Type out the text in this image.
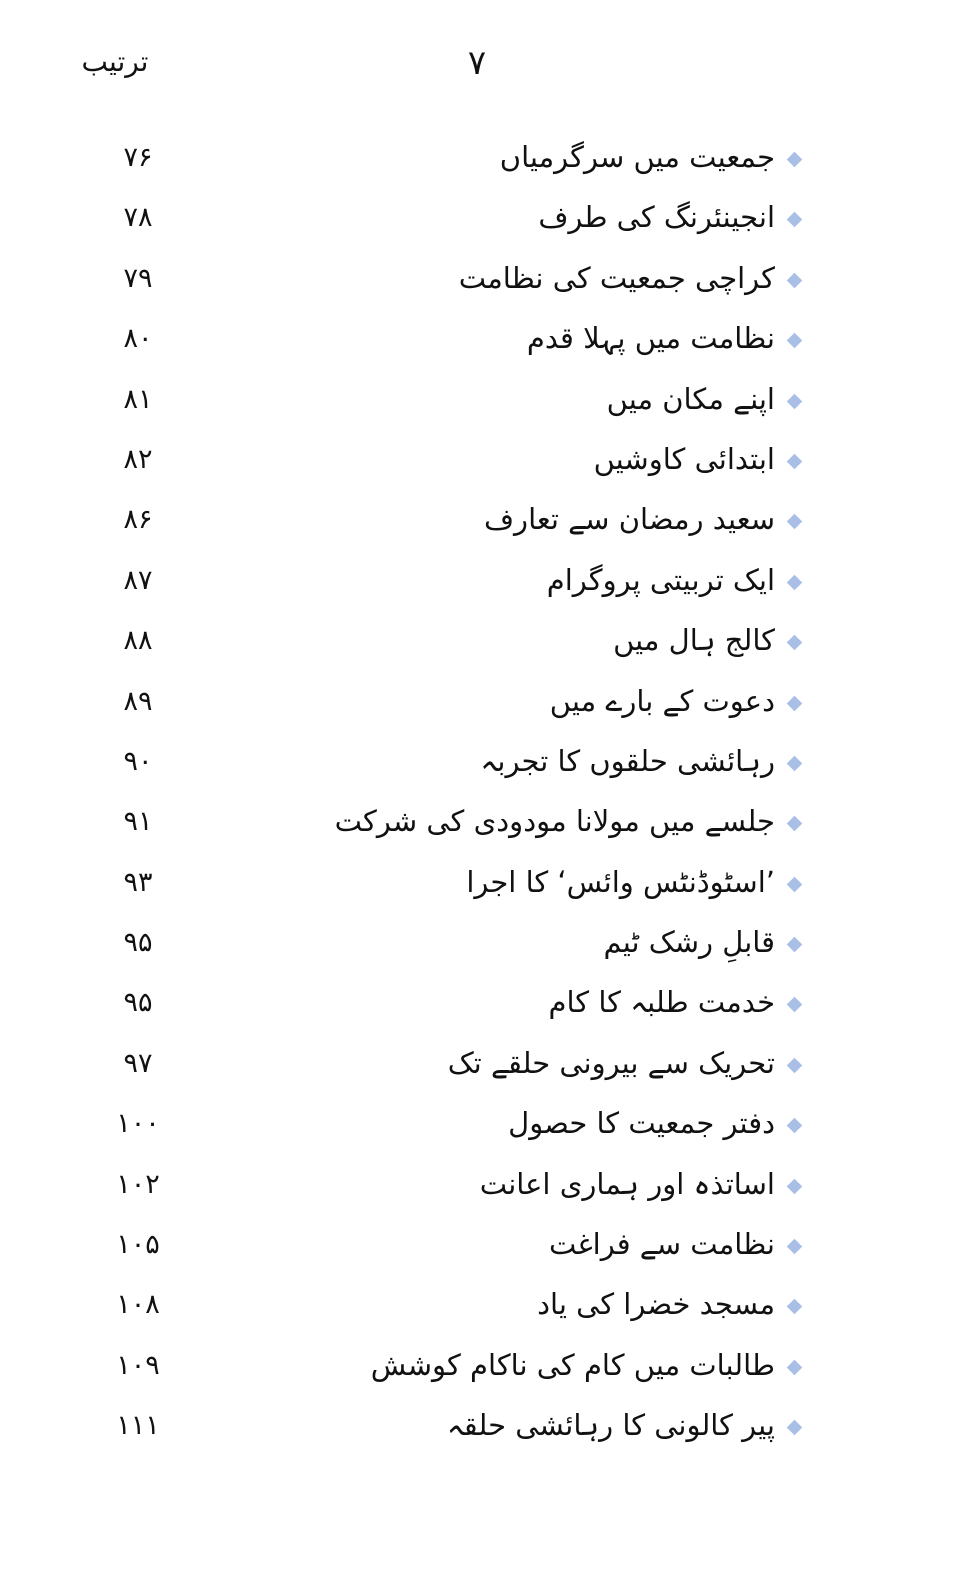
ترتیب	۷
۷۶	جمعیت میں سرگرمیاں
۷۸	انجینئرنگ کی طرف
۷۹	کراچی جمعیت کی نظامت
۸۰	نظامت میں پہلا قدم
۸۱	اپنے مکان میں
۸۲	ابتدائی کاوشیں
۸۶	سعید رمضان سے تعارف
۸۷	ایک تربیتی پروگرام
۸۸	کالج ہال میں
۸۹	دعوت کے بارے میں
۹۰	رہائشی حلقوں کا تجربہ
۹۱	جلسے میں مولانا مودودی کی شرکت
۹۳	’اسٹوڈنٹس وائس‘ کا اجرا
۹۵	قابلِ رشک ٹیم
۹۵	خدمت طلبہ کا کام
۹۷	تحریک سے بیرونی حلقے تک
۱۰۰	دفتر جمعیت کا حصول
۱۰۲	اساتذہ اور ہماری اعانت
۱۰۵	نظامت سے فراغت
۱۰۸	مسجد خضرا کی یاد
۱۰۹	طالبات میں کام کی ناکام کوشش
۱۱۱	پیر کالونی کا رہائشی حلقہ
